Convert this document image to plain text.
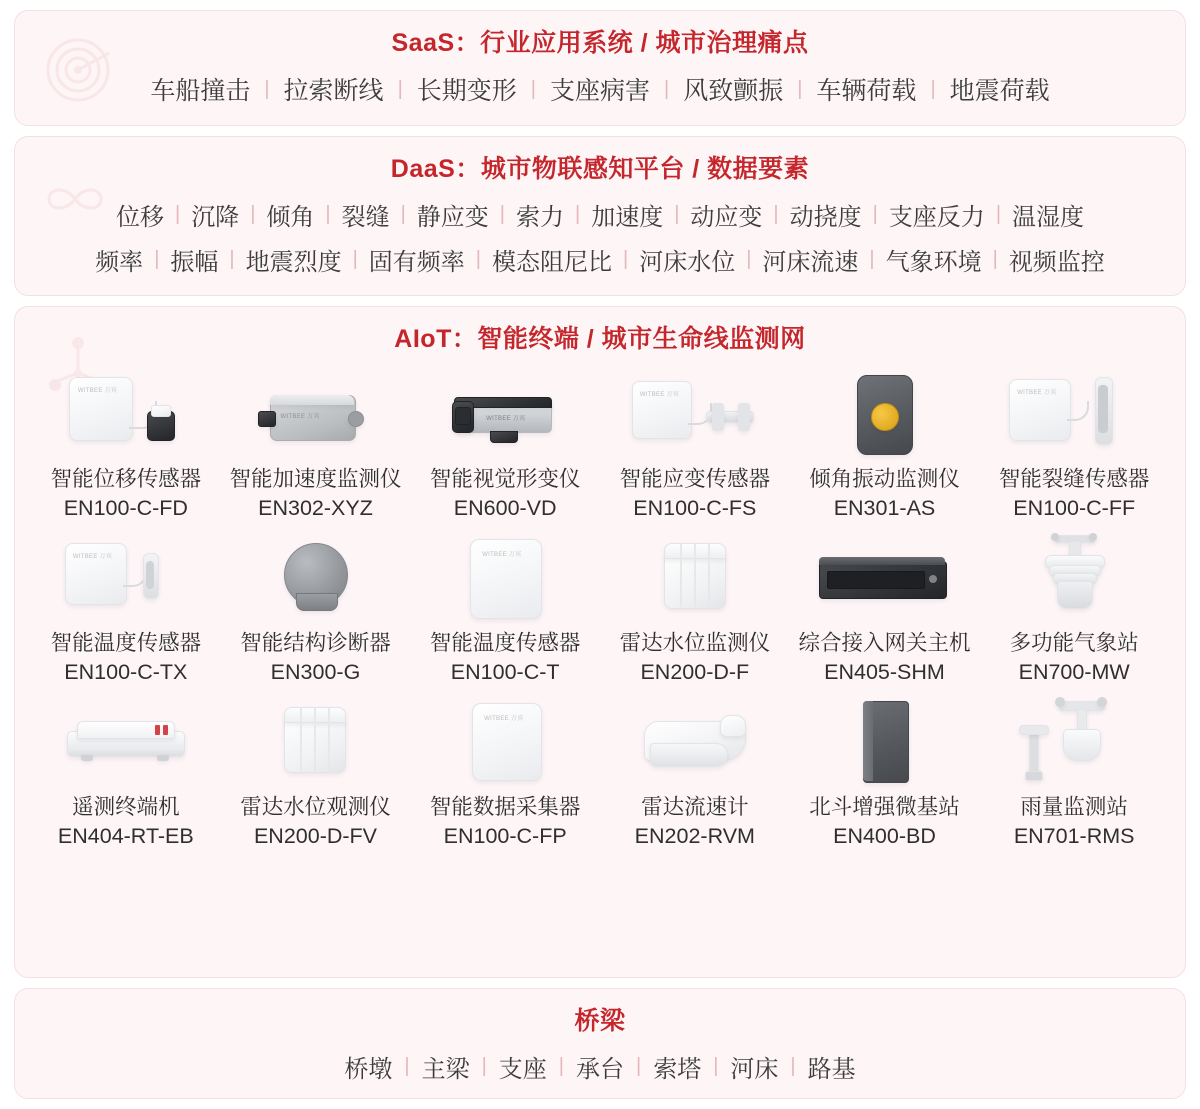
SaaS：行业应用系统 / 城市治理痛点
车船撞击 | 拉索断线 | 长期变形 | 支座病害 | 风致颤振 | 车辆荷载 | 地震荷载
DaaS：城市物联感知平台 / 数据要素
位移 | 沉降 | 倾角 | 裂缝 | 静应变 | 索力 | 加速度 | 动应变 | 动挠度 | 支座反力 | 温湿度
频率 | 振幅 | 地震烈度 | 固有频率 | 模态阻尼比 | 河床水位 | 河床流速 | 气象环境 | 视频监控
AIoT：智能终端 / 城市生命线监测网
WITBEE 万宾
智能位移传感器
EN100-C-FD
WITBEE 万宾
智能加速度监测仪
EN302-XYZ
WITBEE 万宾
智能视觉形变仪
EN600-VD
WITBEE 万宾
智能应变传感器
EN100-C-FS
倾角振动监测仪
EN301-AS
WITBEE 万宾
智能裂缝传感器
EN100-C-FF
WITBEE 万宾
智能温度传感器
EN100-C-TX
智能结构诊断器
EN300-G
WITBEE 万宾
智能温度传感器
EN100-C-T
雷达水位监测仪
EN200-D-F
综合接入网关主机
EN405-SHM
多功能气象站
EN700-MW
遥测终端机
EN404-RT-EB
雷达水位观测仪
EN200-D-FV
WITBEE 万宾
智能数据采集器
EN100-C-FP
雷达流速计
EN202-RVM
北斗增强微基站
EN400-BD
雨量监测站
EN701-RMS
桥梁
桥墩 | 主梁 | 支座 | 承台 | 索塔 | 河床 | 路基
